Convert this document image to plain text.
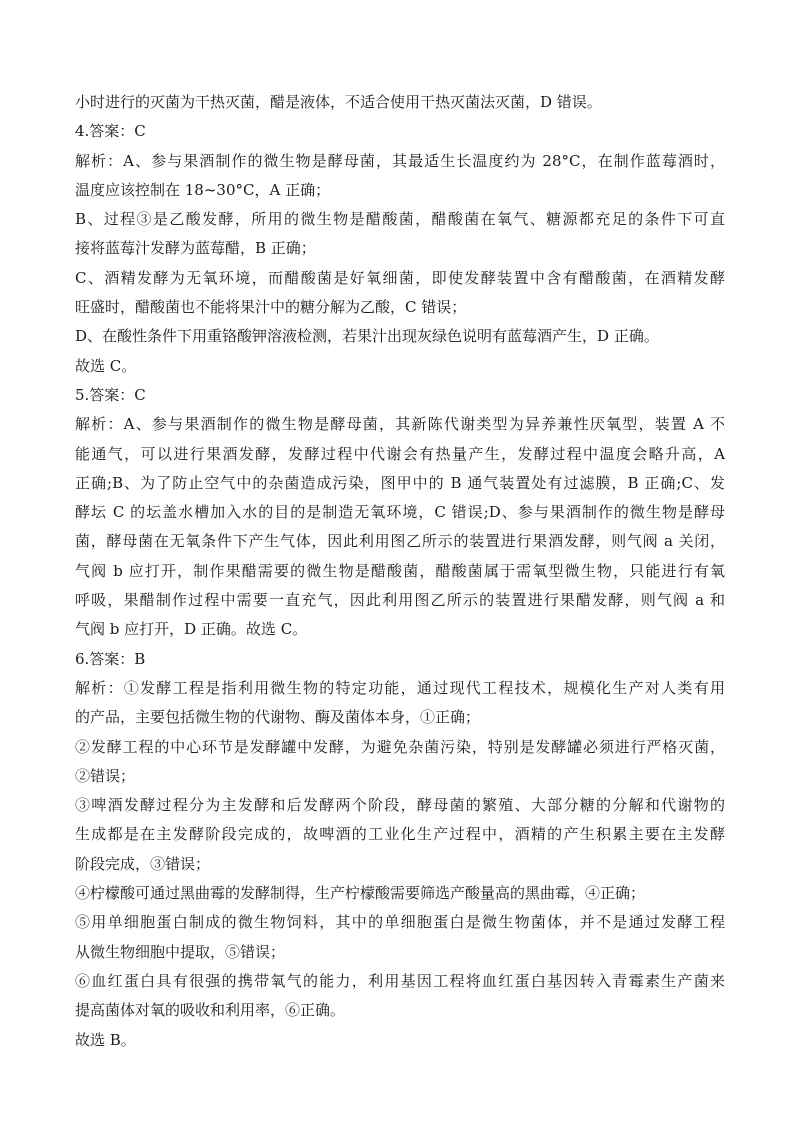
小时进行的灭菌为干热灭菌，醋是液体，不适合使用干热灭菌法灭菌，D 错误。
4.答案：C
解析：A、参与果酒制作的微生物是酵母菌，其最适生长温度约为 28°C，在制作蓝莓酒时，
温度应该控制在 18~30°C，A 正确；
B、过程③是乙酸发酵，所用的微生物是醋酸菌，醋酸菌在氧气、糖源都充足的条件下可直
接将蓝莓汁发酵为蓝莓醋，B 正确；
C、酒精发酵为无氧环境，而醋酸菌是好氧细菌，即使发酵装置中含有醋酸菌，在酒精发酵
旺盛时，醋酸菌也不能将果汁中的糖分解为乙酸，C 错误；
D、在酸性条件下用重铬酸钾溶液检测，若果汁出现灰绿色说明有蓝莓酒产生，D 正确。
故选 C。
5.答案：C
解析：A、参与果酒制作的微生物是酵母菌，其新陈代谢类型为异养兼性厌氧型，装置 A 不
能通气，可以进行果酒发酵，发酵过程中代谢会有热量产生，发酵过程中温度会略升高，A
正确;B、为了防止空气中的杂菌造成污染，图甲中的 B 通气装置处有过滤膜，B 正确;C、发
酵坛 C 的坛盖水槽加入水的目的是制造无氧环境，C 错误;D、参与果酒制作的微生物是酵母
菌，酵母菌在无氧条件下产生气体，因此利用图乙所示的装置进行果酒发酵，则气阀 a 关闭，
气阀 b 应打开，制作果醋需要的微生物是醋酸菌，醋酸菌属于需氧型微生物，只能进行有氧
呼吸，果醋制作过程中需要一直充气，因此利用图乙所示的装置进行果醋发酵，则气阀 a 和
气阀 b 应打开，D 正确。故选 C。
6.答案：B
解析：①发酵工程是指利用微生物的特定功能，通过现代工程技术，规模化生产对人类有用
的产品，主要包括微生物的代谢物、酶及菌体本身，①正确；
②发酵工程的中心环节是发酵罐中发酵，为避免杂菌污染，特别是发酵罐必须进行严格灭菌，
②错误；
③啤酒发酵过程分为主发酵和后发酵两个阶段，酵母菌的繁殖、大部分糖的分解和代谢物的
生成都是在主发酵阶段完成的，故啤酒的工业化生产过程中，酒精的产生积累主要在主发酵
阶段完成，③错误；
④柠檬酸可通过黑曲霉的发酵制得，生产柠檬酸需要筛选产酸量高的黑曲霉，④正确；
⑤用单细胞蛋白制成的微生物饲料，其中的单细胞蛋白是微生物菌体，并不是通过发酵工程
从微生物细胞中提取，⑤错误；
⑥血红蛋白具有很强的携带氧气的能力，利用基因工程将血红蛋白基因转入青霉素生产菌来
提高菌体对氧的吸收和利用率，⑥正确。
故选 B。
